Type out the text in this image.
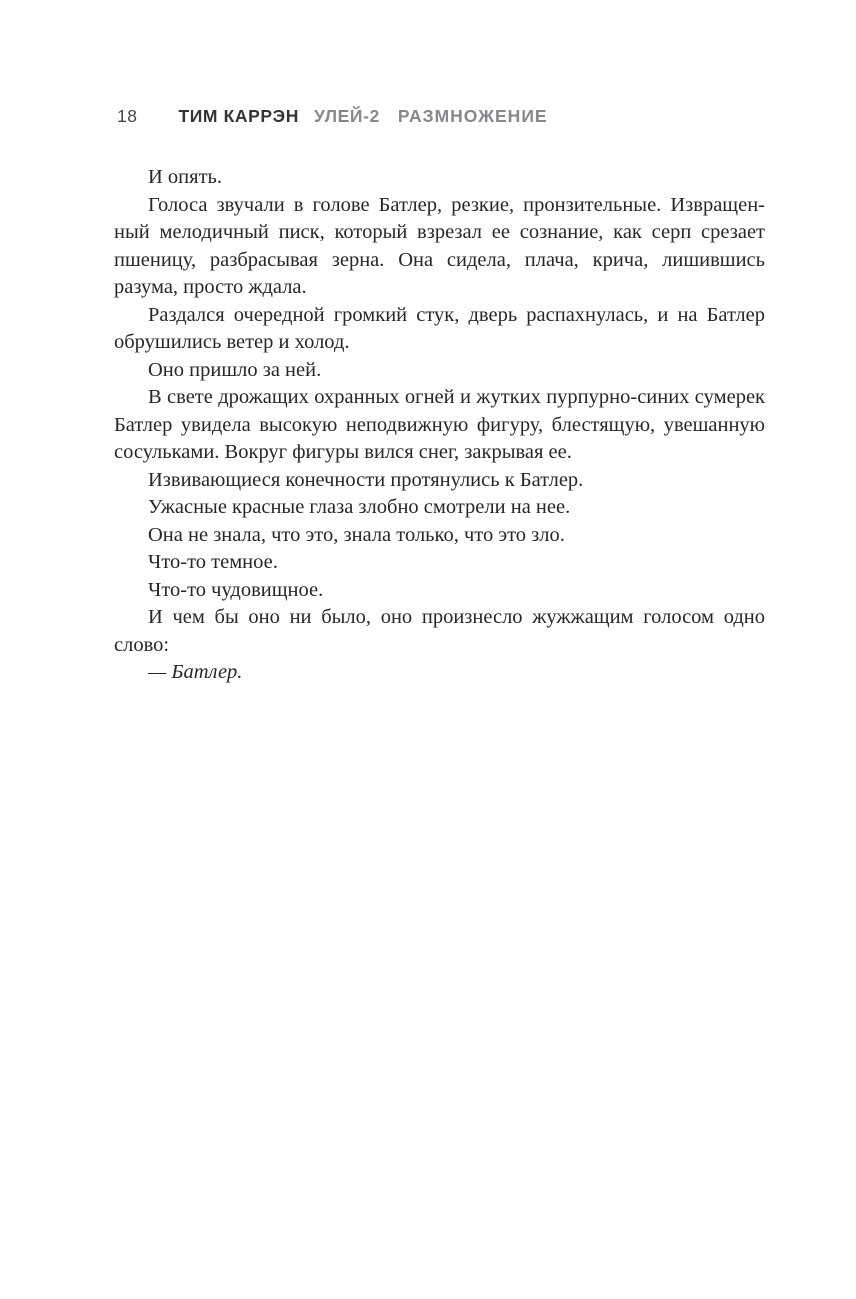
18 ТИМ КАРРЭН УЛЕЙ-2 РАЗМНОЖЕНИЕ
И опять.
Голоса звучали в голове Батлер, резкие, пронзительные. Извращен-
ный мелодичный писк, который взрезал ее сознание, как серп срезает
пшеницу, разбрасывая зерна. Она сидела, плача, крича, лишившись
разума, просто ждала.
Раздался очередной громкий стук, дверь распахнулась, и на Батлер
обрушились ветер и холод.
Оно пришло за ней.
В свете дрожащих охранных огней и жутких пурпурно-синих сумерек
Батлер увидела высокую неподвижную фигуру, блестящую, увешанную
сосульками. Вокруг фигуры вился снег, закрывая ее.
Извивающиеся конечности протянулись к Батлер.
Ужасные красные глаза злобно смотрели на нее.
Она не знала, что это, знала только, что это зло.
Что-то темное.
Что-то чудовищное.
И чем бы оно ни было, оно произнесло жужжащим голосом одно
слово:
— Батлер.
